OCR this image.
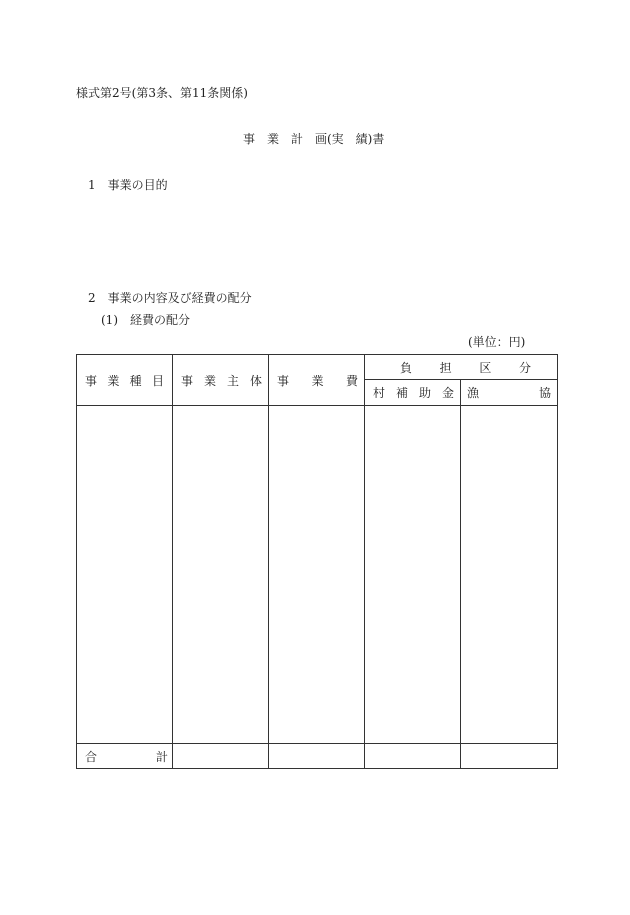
様式第2号(第3条、第11条関係)
事　業　計　画(実　績)書
1　事業の目的
2　事業の内容及び経費の配分
(1)　経費の配分
(単位：円)
事 業 種 目	事 業 主 体	事 業 費	負 担 区 分	

			村 補 助 金	漁 協

合 計				
